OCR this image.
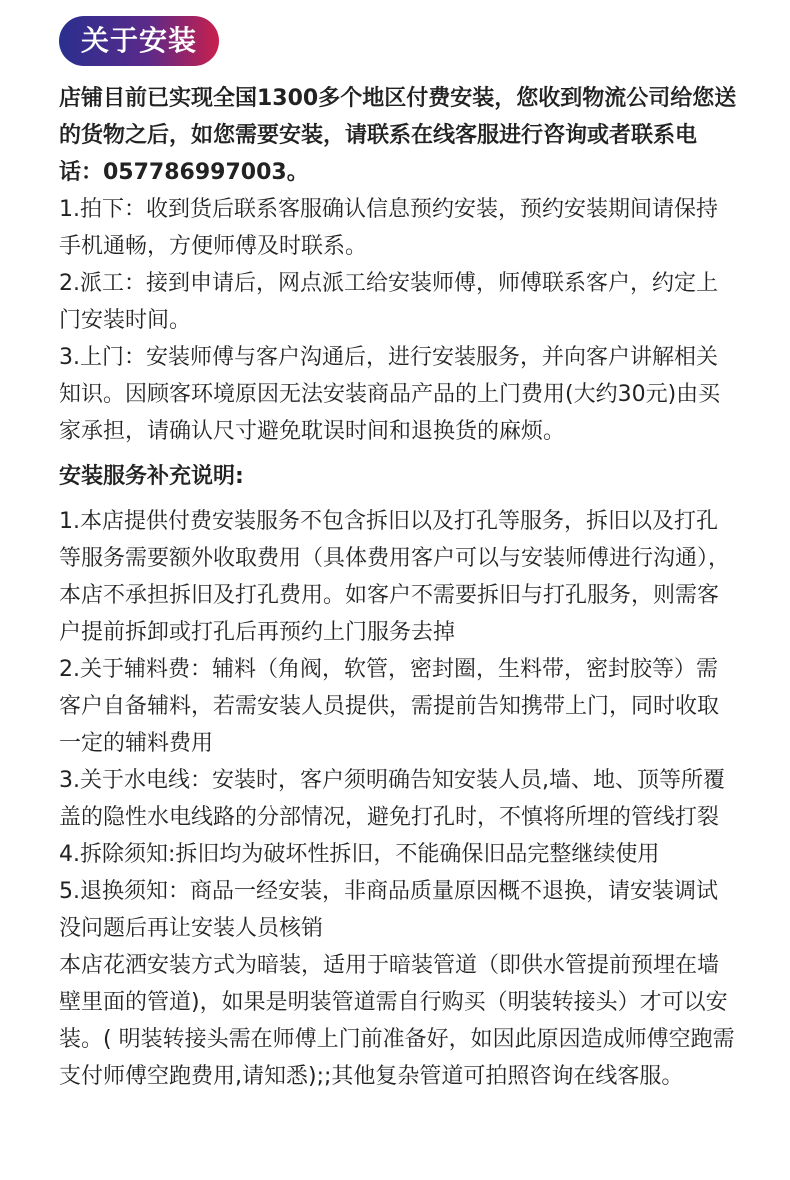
关于安装

店铺目前已实现全国1300多个地区付费安装，您收到物流公司给您送的货物之后，如您需要安装，请联系在线客服进行咨询或者联系电话：057786997003。

1.拍下：收到货后联系客服确认信息预约安装，预约安装期间请保持手机通畅，方便师傅及时联系。

2.派工：接到申请后，网点派工给安装师傅，师傅联系客户，约定上门安装时间。

3.上门：安装师傅与客户沟通后，进行安装服务，并向客户讲解相关知识。因顾客环境原因无法安装商品产品的上门费用(大约30元)由买家承担，请确认尺寸避免耽误时间和退换货的麻烦。

安装服务补充说明:

1.本店提供付费安装服务不包含拆旧以及打孔等服务，拆旧以及打孔等服务需要额外收取费用（具体费用客户可以与安装师傅进行沟通），本店不承担拆旧及打孔费用。如客户不需要拆旧与打孔服务，则需客户提前拆卸或打孔后再预约上门服务去掉

2.关于辅料费：辅料（角阀，软管，密封圈，生料带，密封胶等）需客户自备辅料，若需安装人员提供，需提前告知携带上门，同时收取一定的辅料费用

3.关于水电线：安装时，客户须明确告知安装人员,墙、地、顶等所覆盖的隐性水电线路的分部情况，避免打孔时，不慎将所埋的管线打裂

4.拆除须知:拆旧均为破坏性拆旧，不能确保旧品完整继续使用

5.退换须知：商品一经安装，非商品质量原因概不退换，请安装调试没问题后再让安装人员核销

本店花洒安装方式为暗装，适用于暗装管道（即供水管提前预埋在墙壁里面的管道)，如果是明装管道需自行购买（明装转接头）才可以安装。( 明装转接头需在师傅上门前准备好，如因此原因造成师傅空跑需支付师傅空跑费用,请知悉);;其他复杂管道可拍照咨询在线客服。
